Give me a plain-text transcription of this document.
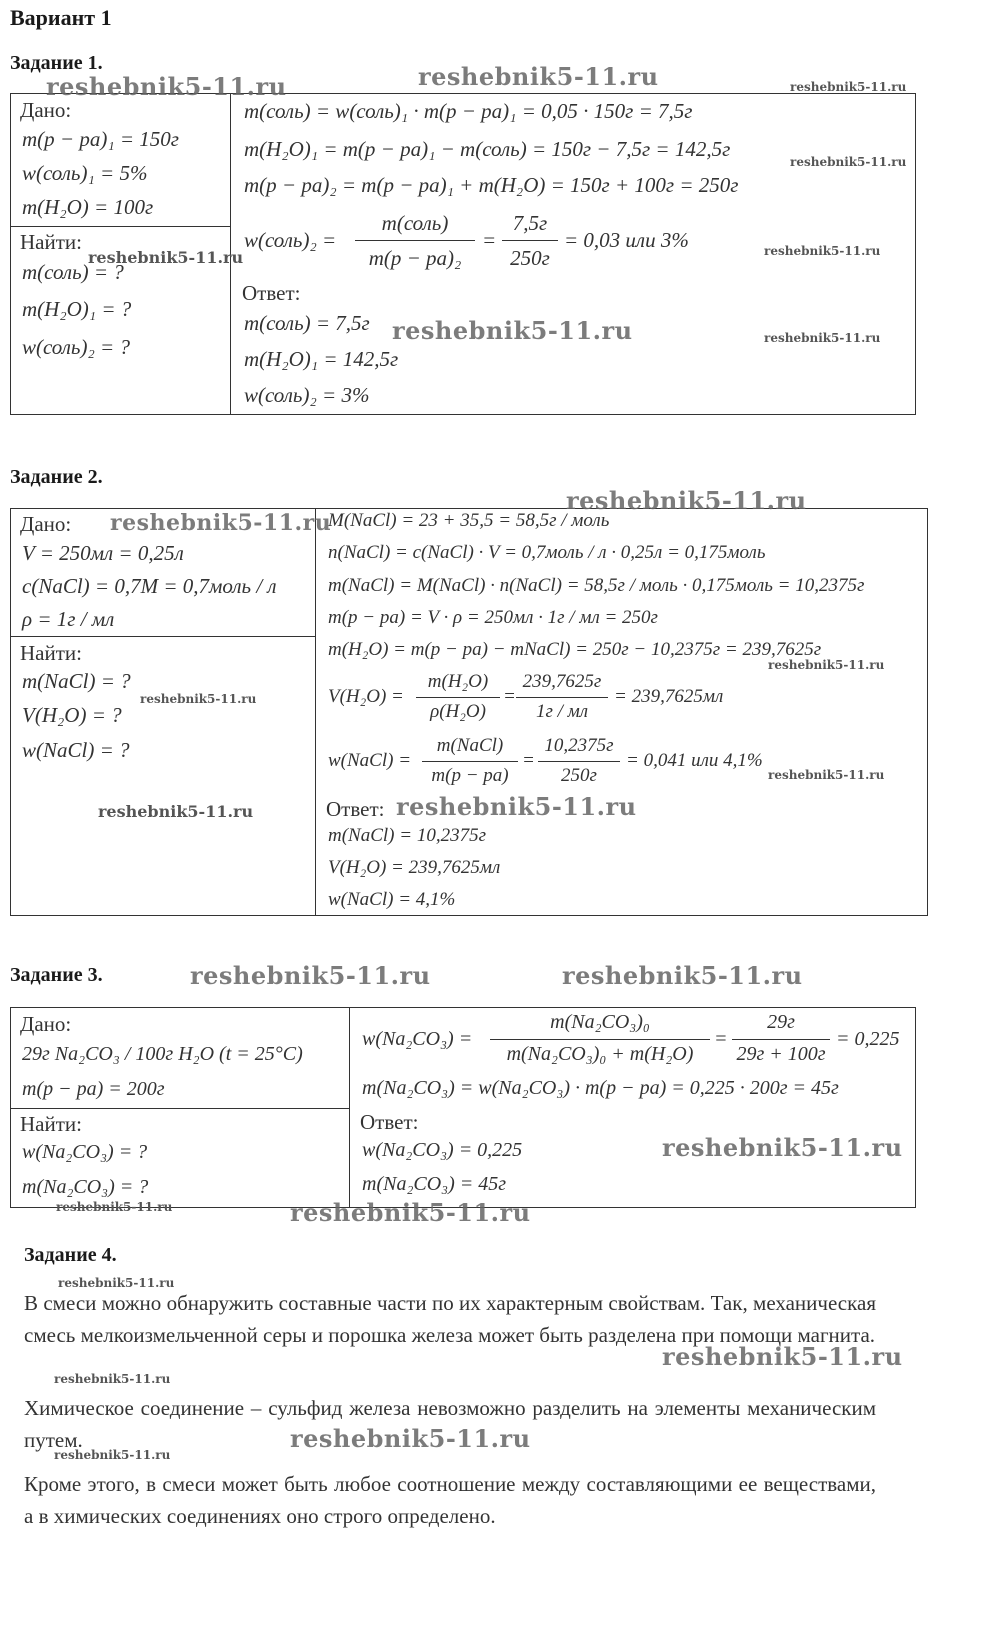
Вариант 1
Задание 1.
Дано:
m(p − pa)₁ = 150г
w(соль)₁ = 5%
m(H₂O) = 100г
Найти:
m(соль) = ?
m(H₂O)₁ = ?
w(соль)₂ = ?
m(соль) = w(соль)₁ · m(p − pa)₁ = 0,05 · 150г = 7,5г
m(H₂O)₁ = m(p − pa)₁ − m(соль) = 150г − 7,5г = 142,5г
m(p − pa)₂ = m(p − pa)₁ + m(H₂O) = 150г + 100г = 250г
w(соль)₂ =
m(соль)
m(p − pa)₂
=
7,5г
250г
= 0,03 или 3%
Ответ:
m(соль) = 7,5г
m(H₂O)₁ = 142,5г
w(соль)₂ = 3%
Задание 2.
Дано:
V = 250мл = 0,25л
c(NaCl) = 0,7M = 0,7моль / л
ρ = 1г / мл
Найти:
m(NaCl) = ?
V(H₂O) = ?
w(NaCl) = ?
M(NaCl) = 23 + 35,5 = 58,5г / моль
n(NaCl) = c(NaCl) · V = 0,7моль / л · 0,25л = 0,175моль
m(NaCl) = M(NaCl) · n(NaCl) = 58,5г / моль · 0,175моль = 10,2375г
m(p − pa) = V · ρ = 250мл · 1г / мл = 250г
m(H₂O) = m(p − pa) − mNaCl) = 250г − 10,2375г = 239,7625г
V(H₂O) =
m(H₂O)
ρ(H₂O)
=
239,7625г
1г / мл
= 239,7625мл
w(NaCl) =
m(NaCl)
m(p − pa)
=
10,2375г
250г
= 0,041 или 4,1%
Ответ:
m(NaCl) = 10,2375г
V(H₂O) = 239,7625мл
w(NaCl) = 4,1%
Задание 3.
Дано:
29г Na₂CO₃ / 100г H₂O (t = 25°C)
m(p − pa) = 200г
Найти:
w(Na₂CO₃) = ?
m(Na₂CO₃) = ?
w(Na₂CO₃) =
m(Na₂CO₃)₀
m(Na₂CO₃)₀ + m(H₂O)
=
29г
29г + 100г
= 0,225
m(Na₂CO₃) = w(Na₂CO₃) · m(p − pa) = 0,225 · 200г = 45г
Ответ:
w(Na₂CO₃) = 0,225
m(Na₂CO₃) = 45г
Задание 4.
В смеси можно обнаружить составные части по их характерным свойствам. Так, механическая смесь мелкоизмельченной серы и порошка железа может быть разделена при помощи магнита.
Химическое соединение – сульфид железа невозможно разделить на элементы механическим путем.
Кроме этого, в смеси может быть любое соотношение между составляющими ее веществами, а в химических соединениях оно строго определено.
reshebnik5-11.ru	reshebnik5-11.ru	reshebnik5-11.ru
reshebnik5-11.ru
reshebnik5-11.ru	reshebnik5-11.ru
reshebnik5-11.ru	reshebnik5-11.ru
reshebnik5-11.ru
reshebnik5-11.ru
reshebnik5-11.ru
reshebnik5-11.ru
reshebnik5-11.ru
reshebnik5-11.ru	reshebnik5-11.ru
reshebnik5-11.ru	reshebnik5-11.ru
reshebnik5-11.ru
reshebnik5-11.ru	reshebnik5-11.ru
reshebnik5-11.ru
reshebnik5-11.ru
reshebnik5-11.ru
reshebnik5-11.ru
reshebnik5-11.ru
